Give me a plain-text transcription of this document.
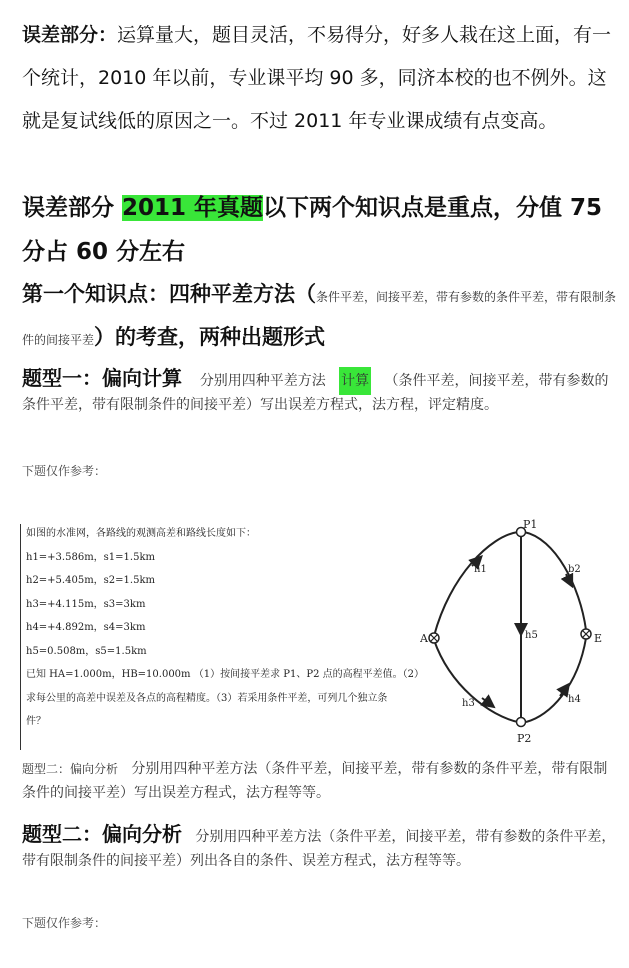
误差部分：运算量大，题目灵活，不易得分，好多人栽在这上面，有一个统计，2010 年以前，专业课平均 90 多，同济本校的也不例外。这就是复试线低的原因之一。不过 2011 年专业课成绩有点变高。
误差部分 2011 年真题以下两个知识点是重点，分值 75 分占 60 分左右
第一个知识点：四种平差方法（条件平差，间接平差，带有参数的条件平差，带有限制条件的间接平差）的考查，两种出题形式
题型一：偏向计算 分别用四种平差方法 计算 （条件平差，间接平差，带有参数的条件平差，带有限制条件的间接平差）写出误差方程式，法方程，评定精度。
下题仅作参考：
如图的水准网，各路线的观测高差和路线长度如下：
h1=+3.586m，s1=1.5km
h2=+5.405m，s2=1.5km
h3=+4.115m，s3=3km
h4=+4.892m，s4=3km
h5=0.508m，s5=1.5km
已知 HA=1.000m，HB=10.000m （1）按间接平差求 P1、P2 点的高程平差值。（2）
求每公里的高差中误差及各点的高程精度。（3）若采用条件平差，可列几个独立条
件？
P1
P2
A	E
h1	b2
h3	h4
h5
题型二：偏向分析 分别用四种平差方法（条件平差，间接平差，带有参数的条件平差，带有限制条件的间接平差）写出误差方程式，法方程等等。
题型二：偏向分析 分别用四种平差方法（条件平差，间接平差，带有参数的条件平差，带有限制条件的间接平差）列出各自的条件、误差方程式，法方程等等。
下题仅作参考：
